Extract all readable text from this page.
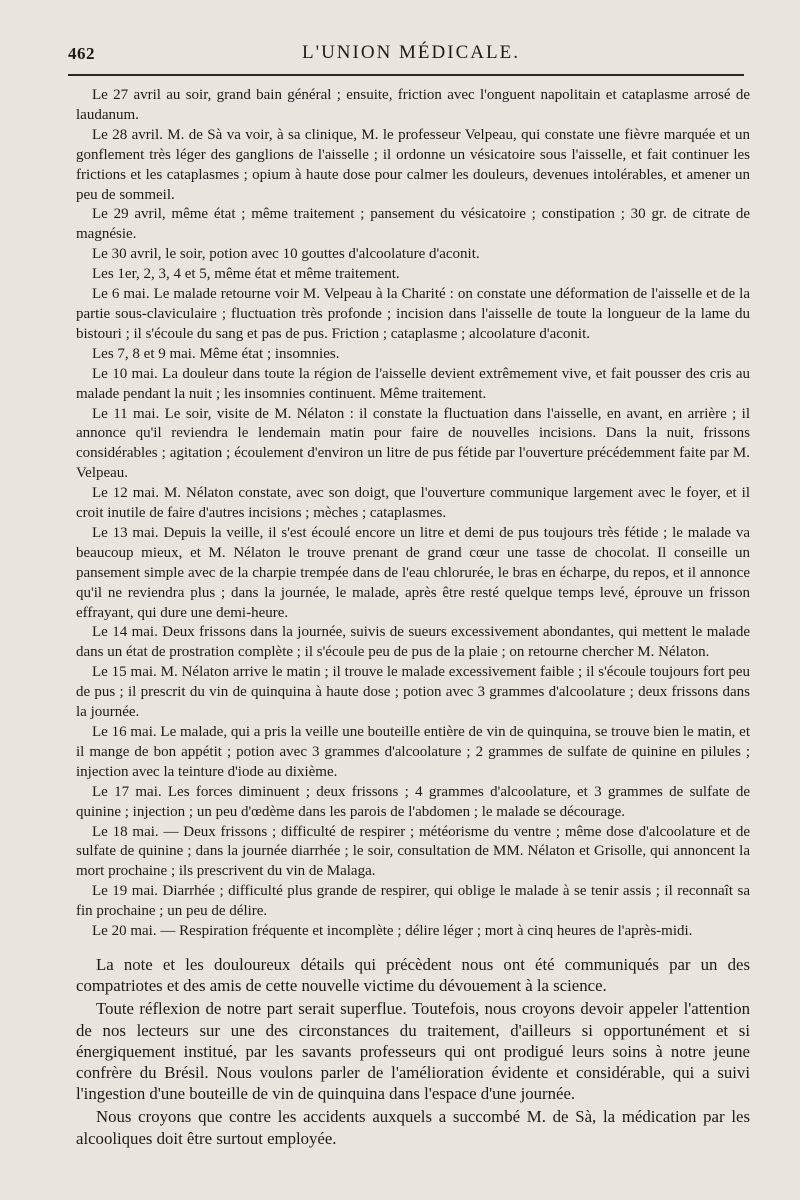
462	L'UNION MÉDICALE.

Le 27 avril au soir, grand bain général ; ensuite, friction avec l'onguent napolitain et cataplasme arrosé de laudanum.

Le 28 avril. M. de Sà va voir, à sa clinique, M. le professeur Velpeau, qui constate une fièvre marquée et un gonflement très léger des ganglions de l'aisselle ; il ordonne un vésicatoire sous l'aisselle, et fait continuer les frictions et les cataplasmes ; opium à haute dose pour calmer les douleurs, devenues intolérables, et amener un peu de sommeil.

Le 29 avril, même état ; même traitement ; pansement du vésicatoire ; constipation ; 30 gr. de citrate de magnésie.

Le 30 avril, le soir, potion avec 10 gouttes d'alcoolature d'aconit.

Les 1er, 2, 3, 4 et 5, même état et même traitement.

Le 6 mai. Le malade retourne voir M. Velpeau à la Charité : on constate une déformation de l'aisselle et de la partie sous-claviculaire ; fluctuation très profonde ; incision dans l'aisselle de toute la longueur de la lame du bistouri ; il s'écoule du sang et pas de pus. Friction ; cataplasme ; alcoolature d'aconit.

Les 7, 8 et 9 mai. Même état ; insomnies.

Le 10 mai. La douleur dans toute la région de l'aisselle devient extrêmement vive, et fait pousser des cris au malade pendant la nuit ; les insomnies continuent. Même traitement.

Le 11 mai. Le soir, visite de M. Nélaton : il constate la fluctuation dans l'aisselle, en avant, en arrière ; il annonce qu'il reviendra le lendemain matin pour faire de nouvelles incisions. Dans la nuit, frissons considérables ; agitation ; écoulement d'environ un litre de pus fétide par l'ouverture précédemment faite par M. Velpeau.

Le 12 mai. M. Nélaton constate, avec son doigt, que l'ouverture communique largement avec le foyer, et il croit inutile de faire d'autres incisions ; mèches ; cataplasmes.

Le 13 mai. Depuis la veille, il s'est écoulé encore un litre et demi de pus toujours très fétide ; le malade va beaucoup mieux, et M. Nélaton le trouve prenant de grand cœur une tasse de chocolat. Il conseille un pansement simple avec de la charpie trempée dans de l'eau chlorurée, le bras en écharpe, du repos, et il annonce qu'il ne reviendra plus ; dans la journée, le malade, après être resté quelque temps levé, éprouve un frisson effrayant, qui dure une demi-heure.

Le 14 mai. Deux frissons dans la journée, suivis de sueurs excessivement abondantes, qui mettent le malade dans un état de prostration complète ; il s'écoule peu de pus de la plaie ; on retourne chercher M. Nélaton.

Le 15 mai. M. Nélaton arrive le matin ; il trouve le malade excessivement faible ; il s'écoule toujours fort peu de pus ; il prescrit du vin de quinquina à haute dose ; potion avec 3 grammes d'alcoolature ; deux frissons dans la journée.

Le 16 mai. Le malade, qui a pris la veille une bouteille entière de vin de quinquina, se trouve bien le matin, et il mange de bon appétit ; potion avec 3 grammes d'alcoolature ; 2 grammes de sulfate de quinine en pilules ; injection avec la teinture d'iode au dixième.

Le 17 mai. Les forces diminuent ; deux frissons ; 4 grammes d'alcoolature, et 3 grammes de sulfate de quinine ; injection ; un peu d'œdème dans les parois de l'abdomen ; le malade se décourage.

Le 18 mai. — Deux frissons ; difficulté de respirer ; météorisme du ventre ; même dose d'alcoolature et de sulfate de quinine ; dans la journée diarrhée ; le soir, consultation de MM. Nélaton et Grisolle, qui annoncent la mort prochaine ; ils prescrivent du vin de Malaga.

Le 19 mai. Diarrhée ; difficulté plus grande de respirer, qui oblige le malade à se tenir assis ; il reconnaît sa fin prochaine ; un peu de délire.

Le 20 mai. — Respiration fréquente et incomplète ; délire léger ; mort à cinq heures de l'après-midi.

La note et les douloureux détails qui précèdent nous ont été communiqués par un des compatriotes et des amis de cette nouvelle victime du dévouement à la science.

Toute réflexion de notre part serait superflue. Toutefois, nous croyons devoir appeler l'attention de nos lecteurs sur une des circonstances du traitement, d'ailleurs si opportunément et si énergiquement institué, par les savants professeurs qui ont prodigué leurs soins à notre jeune confrère du Brésil. Nous voulons parler de l'amélioration évidente et considérable, qui a suivi l'ingestion d'une bouteille de vin de quinquina dans l'espace d'une journée.

Nous croyons que contre les accidents auxquels a succombé M. de Sà, la médication par les alcooliques doit être surtout employée.
